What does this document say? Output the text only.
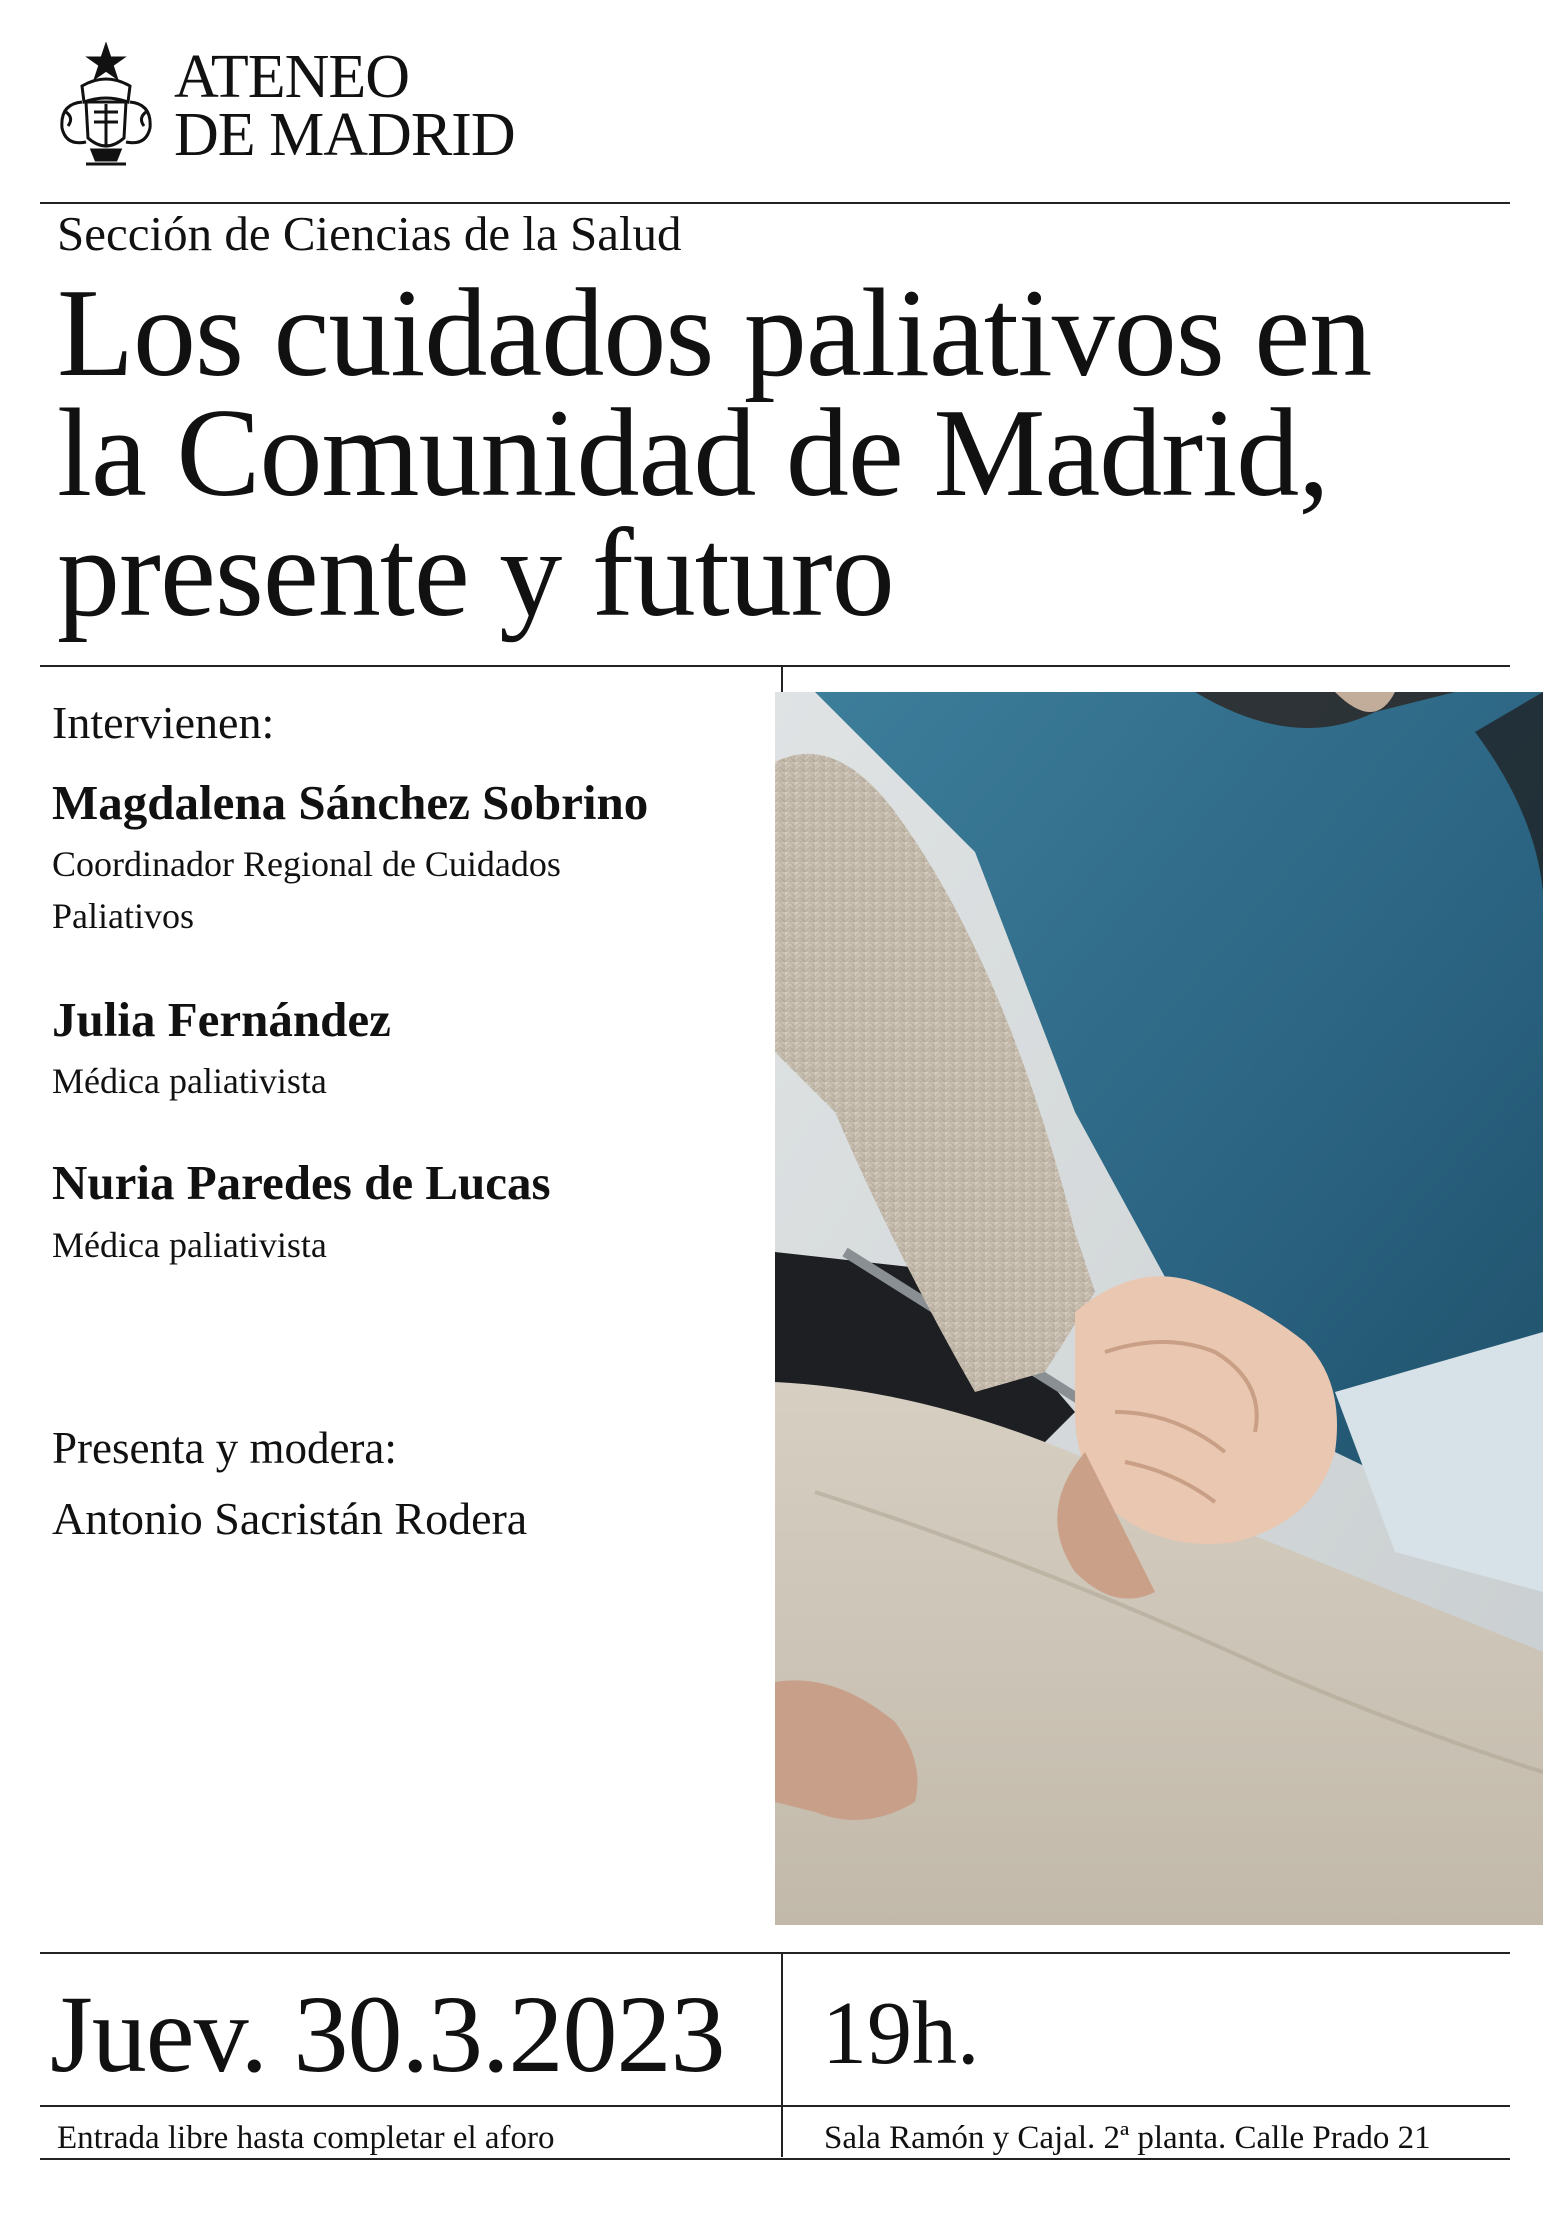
ATENEO
DE MADRID
Sección de Ciencias de la Salud
Los cuidados paliativos en
la Comunidad de Madrid,
presente y futuro
Intervienen:
Magdalena Sánchez Sobrino
Coordinador Regional de Cuidados
Paliativos
Julia Fernández
Médica paliativista
Nuria Paredes de Lucas
Médica paliativista
Presenta y modera:
Antonio Sacristán Rodera
Juev. 30.3.2023 19h.
Entrada libre hasta completar el aforo	Sala Ramón y Cajal. 2ª planta. Calle Prado 21
